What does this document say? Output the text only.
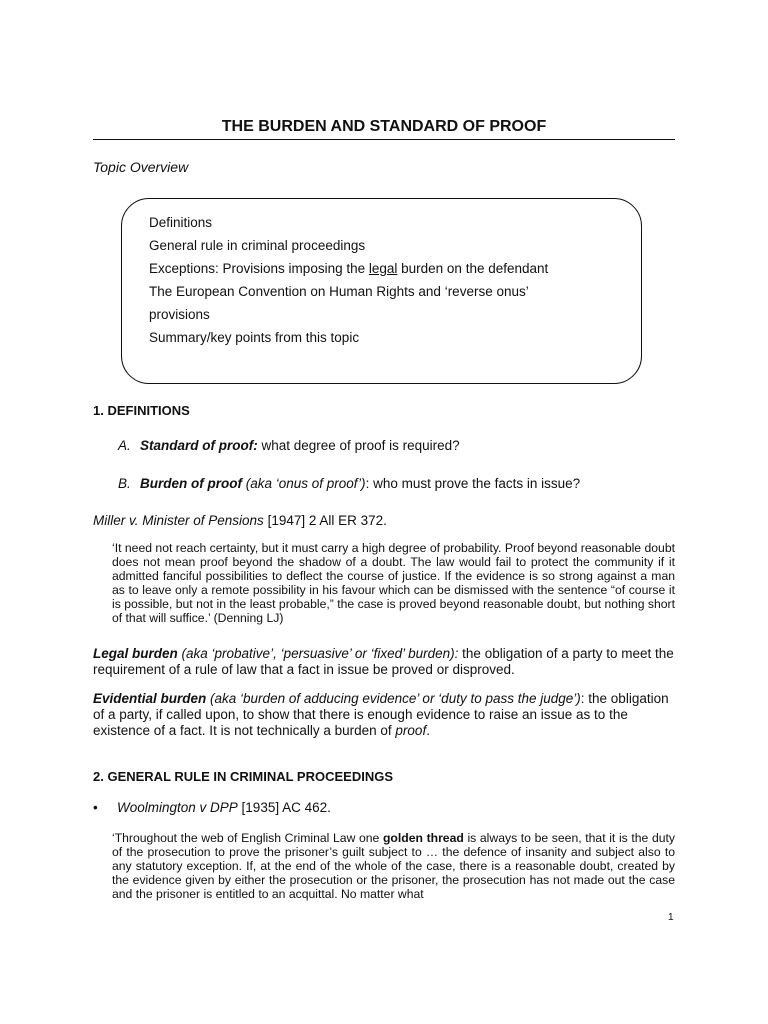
THE BURDEN AND STANDARD OF PROOF
Topic Overview
Definitions
General rule in criminal proceedings
Exceptions: Provisions imposing the legal burden on the defendant
The European Convention on Human Rights and ‘reverse onus’
provisions
Summary/key points from this topic
1. DEFINITIONS
A. Standard of proof: what degree of proof is required?
B. Burden of proof (aka ‘onus of proof’): who must prove the facts in issue?
Miller v. Minister of Pensions [1947] 2 All ER 372.

‘It need not reach certainty, but it must carry a high degree of probability. Proof beyond reasonable doubt does not mean proof beyond the shadow of a doubt. The law would fail to protect the community if it admitted fanciful possibilities to deflect the course of justice. If the evidence is so strong against a man as to leave only a remote possibility in his favour which can be dismissed with the sentence “of course it is possible, but not in the least probable,” the case is proved beyond reasonable doubt, but nothing short of that will suffice.’ (Denning LJ)

Legal burden (aka ‘probative’, ‘persuasive’ or ‘fixed’ burden): the obligation of a party to meet the requirement of a rule of law that a fact in issue be proved or disproved.

Evidential burden (aka ‘burden of adducing evidence’ or ‘duty to pass the judge’): the obligation of a party, if called upon, to show that there is enough evidence to raise an issue as to the existence of a fact. It is not technically a burden of proof.

2. GENERAL RULE IN CRIMINAL PROCEEDINGS
• Woolmington v DPP [1935] AC 462.

‘Throughout the web of English Criminal Law one golden thread is always to be seen, that it is the duty of the prosecution to prove the prisoner’s guilt subject to … the defence of insanity and subject also to any statutory exception. If, at the end of the whole of the case, there is a reasonable doubt, created by the evidence given by either the prosecution or the prisoner, the prosecution has not made out the case and the prisoner is entitled to an acquittal. No matter what

1
